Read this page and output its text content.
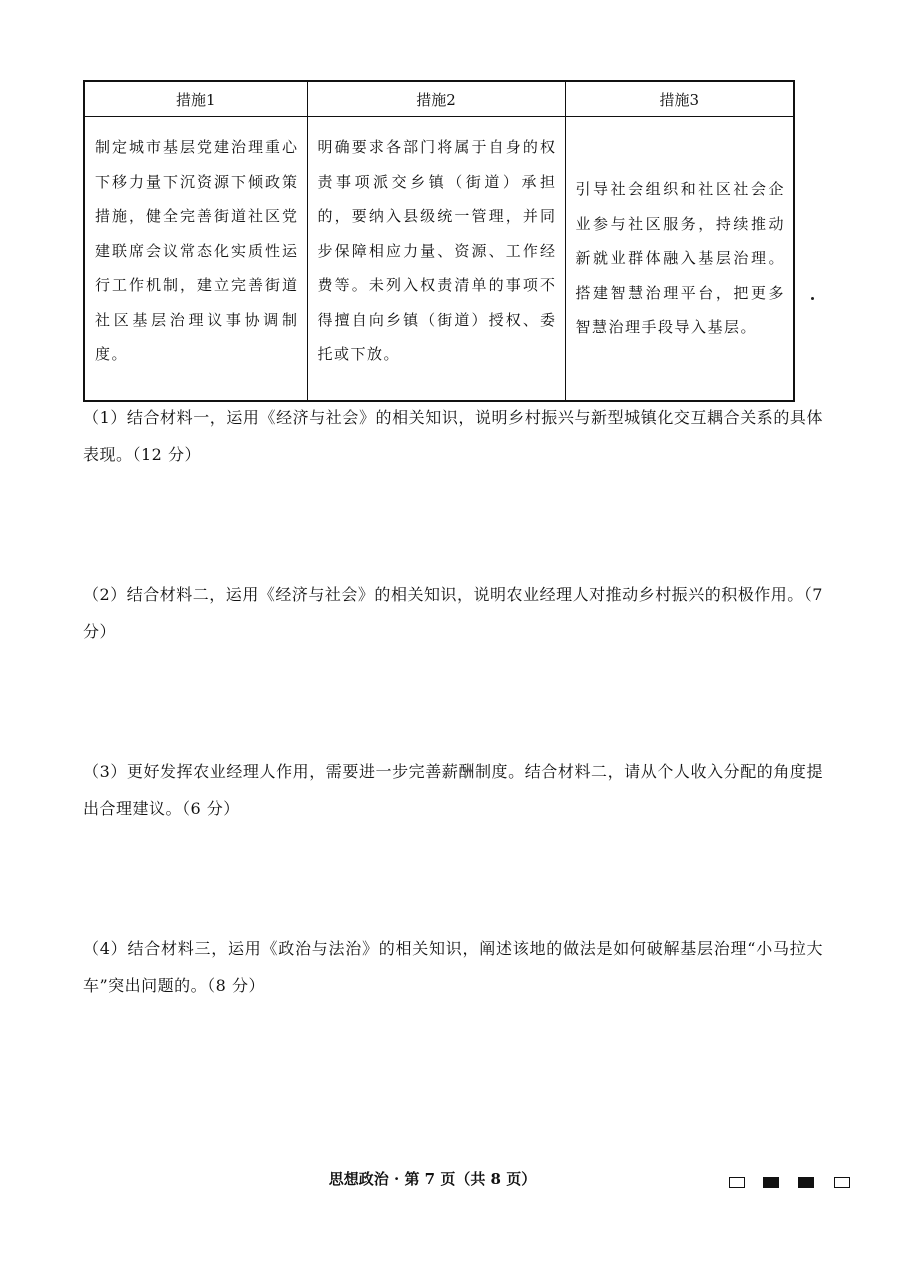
措施1	措施2	措施3
制定城市基层党建治理重心下移力量下沉资源下倾政策措施，健全完善街道社区党建联席会议常态化实质性运行工作机制，建立完善街道社区基层治理议事协调制度。	明确要求各部门将属于自身的权责事项派交乡镇（街道）承担的，要纳入县级统一管理，并同步保障相应力量、资源、工作经费等。未列入权责清单的事项不得擅自向乡镇（街道）授权、委托或下放。	引导社会组织和社区社会企业参与社区服务，持续推动新就业群体融入基层治理。搭建智慧治理平台，把更多智慧治理手段导入基层。
（1）结合材料一，运用《经济与社会》的相关知识，说明乡村振兴与新型城镇化交互耦合关系的具体表现。（12 分）
（2）结合材料二，运用《经济与社会》的相关知识，说明农业经理人对推动乡村振兴的积极作用。（7 分）
（3）更好发挥农业经理人作用，需要进一步完善薪酬制度。结合材料二，请从个人收入分配的角度提出合理建议。（6 分）
（4）结合材料三，运用《政治与法治》的相关知识，阐述该地的做法是如何破解基层治理“小马拉大车”突出问题的。（8 分）
思想政治 · 第 7 页（共 8 页）
